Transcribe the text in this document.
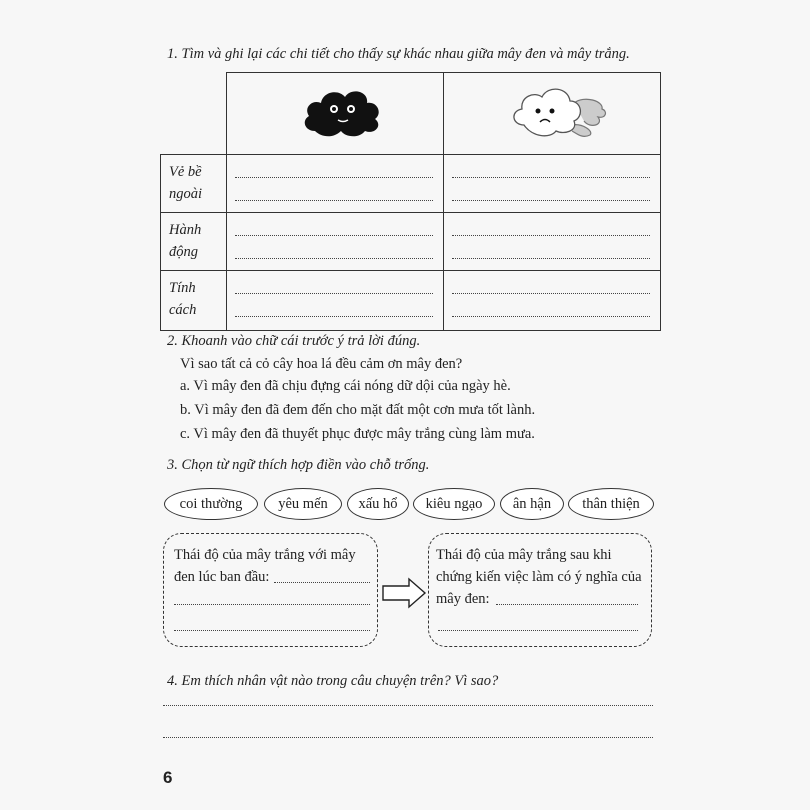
1. Tìm và ghi lại các chi tiết cho thấy sự khác nhau giữa mây đen và mây trắng.

Vẻ bề
ngoài		

Hành
động		

Tính
cách		

2. Khoanh vào chữ cái trước ý trả lời đúng.
Vì sao tất cả cỏ cây hoa lá đều cảm ơn mây đen?
a. Vì mây đen đã chịu đựng cái nóng dữ dội của ngày hè.
b. Vì mây đen đã đem đến cho mặt đất một cơn mưa tốt lành.
c. Vì mây đen đã thuyết phục được mây trắng cùng làm mưa.
3. Chọn từ ngữ thích hợp điền vào chỗ trống.
coi thường	yêu mến	xấu hổ	kiêu ngạo	ân hận	thân thiện
Thái độ của mây trắng với mây
đen lúc ban đầu:
Thái độ của mây trắng sau khi
chứng kiến việc làm có ý nghĩa của
mây đen:
4. Em thích nhân vật nào trong câu chuyện trên? Vì sao?
6
